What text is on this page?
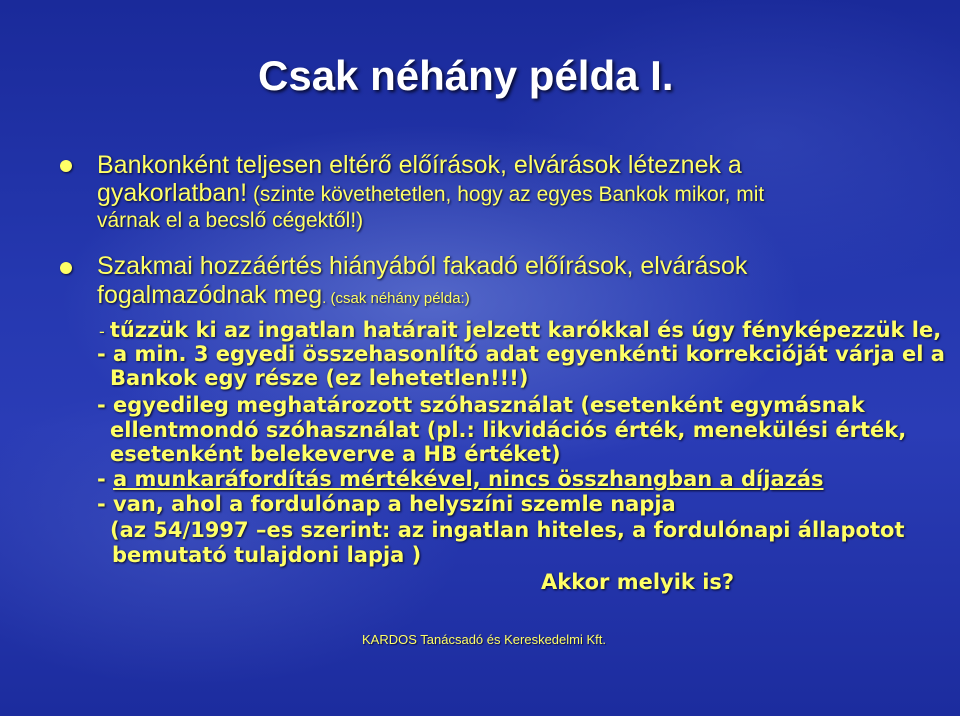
Csak néhány példa I.
Bankonként teljesen eltérő előírások, elvárások léteznek a
gyakorlatban! (szinte követhetetlen, hogy az egyes Bankok mikor, mit
várnak el a becslő cégektől!)
Szakmai hozzáértés hiányából fakadó előírások, elvárások
fogalmazódnak meg. (csak néhány példa:)
- tűzzük ki az ingatlan határait jelzett karókkal és úgy fényképezzük le,
- a min. 3 egyedi összehasonlító adat egyenkénti korrekcióját várja el a
Bankok egy része (ez lehetetlen!!!)
- egyedileg meghatározott szóhasználat (esetenként egymásnak
ellentmondó szóhasználat (pl.: likvidációs érték, menekülési érték,
esetenként belekeverve a HB értéket)
- a munkaráfordítás mértékével, nincs összhangban a díjazás
- van, ahol a fordulónap a helyszíni szemle napja
(az 54/1997 –es szerint: az ingatlan hiteles, a fordulónapi állapotot
bemutató tulajdoni lapja )
Akkor melyik is?
KARDOS Tanácsadó és Kereskedelmi Kft.
